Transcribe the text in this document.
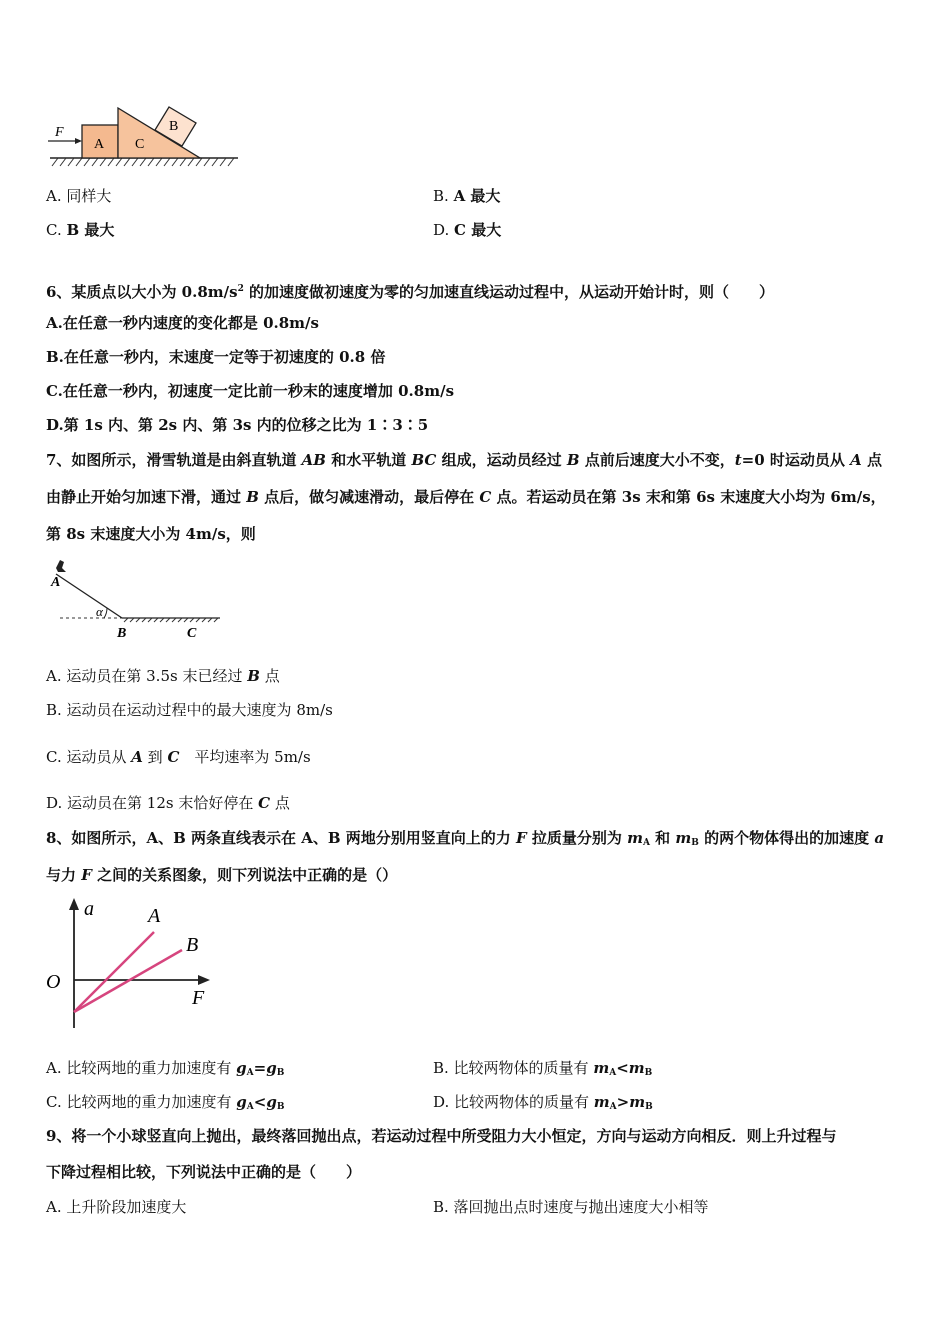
F
A C
B
A. 同样大	B. A 最大
C. B 最大	D. C 最大
6、某质点以大小为 $0.8m/s^2$ 的加速度做初速度为零的匀加速直线运动过程中，从运动开始计时，则（　　）
A.在任意一秒内速度的变化都是 0.8m/s
B.在任意一秒内，末速度一定等于初速度的 0.8 倍
C.在任意一秒内，初速度一定比前一秒末的速度增加 0.8m/s
D.第 1s 内、第 2s 内、第 3s 内的位移之比为 1∶3∶5
7、如图所示，滑雪轨道是由斜直轨道 AB 和水平轨道 BC 组成，运动员经过 B 点前后速度大小不变，t=0 时运动员从 A 点
由静止开始匀加速下滑，通过 B 点后，做匀减速滑动，最后停在 C 点。若运动员在第 3s 末和第 6s 末速度大小均为 6m/s，
第 8s 末速度大小为 4m/s，则
A
α
B	C
A. 运动员在第 3.5s 末已经过 B 点
B. 运动员在运动过程中的最大速度为 8m/s
C. 运动员从 A 到 C　平均速率为 5m/s
D. 运动员在第 12s 末恰好停在 C 点
8、如图所示，A、B 两条直线表示在 A、B 两地分别用竖直向上的力 F 拉质量分别为 $m_A$ 和 $m_B$ 的两个物体得出的加速度 a
与力 F 之间的关系图象，则下列说法中正确的是（）
a	A
B
O
F
A. 比较两地的重力加速度有 $g_A=g_B$	B. 比较两物体的质量有 $m_A<m_B$
C. 比较两地的重力加速度有 $g_A<g_B$	D. 比较两物体的质量有 $m_A>m_B$
9、将一个小球竖直向上抛出，最终落回抛出点，若运动过程中所受阻力大小恒定，方向与运动方向相反．则上升过程与
下降过程相比较，下列说法中正确的是（　　）
A. 上升阶段加速度大	B. 落回抛出点时速度与抛出速度大小相等
